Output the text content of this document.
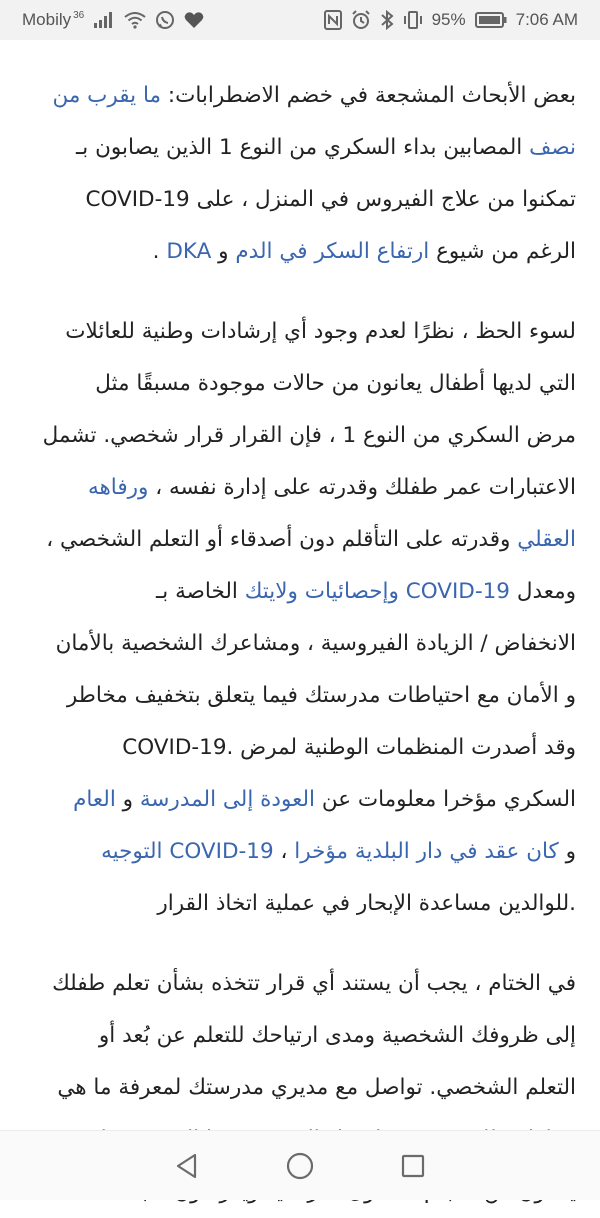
Mobily 36	95%	7:06 AM
بعض الأبحاث المشجعة في خضم الاضطرابات: ما يقرب من
نصف المصابين بداء السكري من النوع 1 الذين يصابون بـ
تمكنوا من علاج الفيروس في المنزل ، على COVID-19
الرغم من شيوع ارتفاع السكر في الدم و DKA .
لسوء الحظ ، نظرًا لعدم وجود أي إرشادات وطنية للعائلات
التي لديها أطفال يعانون من حالات موجودة مسبقًا مثل
مرض السكري من النوع 1 ، فإن القرار قرار شخصي. تشمل
الاعتبارات عمر طفلك وقدرته على إدارة نفسه ، ورفاهه
العقلي وقدرته على التأقلم دون أصدقاء أو التعلم الشخصي ،
ومعدل COVID-19 وإحصائيات ولايتك الخاصة بـ
الانخفاض / الزيادة الفيروسية ، ومشاعرك الشخصية بالأمان
و الأمان مع احتياطات مدرستك فيما يتعلق بتخفيف مخاطر
وقد أصدرت المنظمات الوطنية لمرض .COVID-19
السكري مؤخرا معلومات عن العودة إلى المدرسة و العام
و كان عقد في دار البلدية مؤخرا ، COVID-19 التوجيه
.للوالدين مساعدة الإبحار في عملية اتخاذ القرار
في الختام ، يجب أن يستند أي قرار تتخذه بشأن تعلم طفلك
إلى ظروفك الشخصية ومدى ارتياحك للتعلم عن بُعد أو
التعلم الشخصي. تواصل مع مديري مدرستك لمعرفة ما هي
